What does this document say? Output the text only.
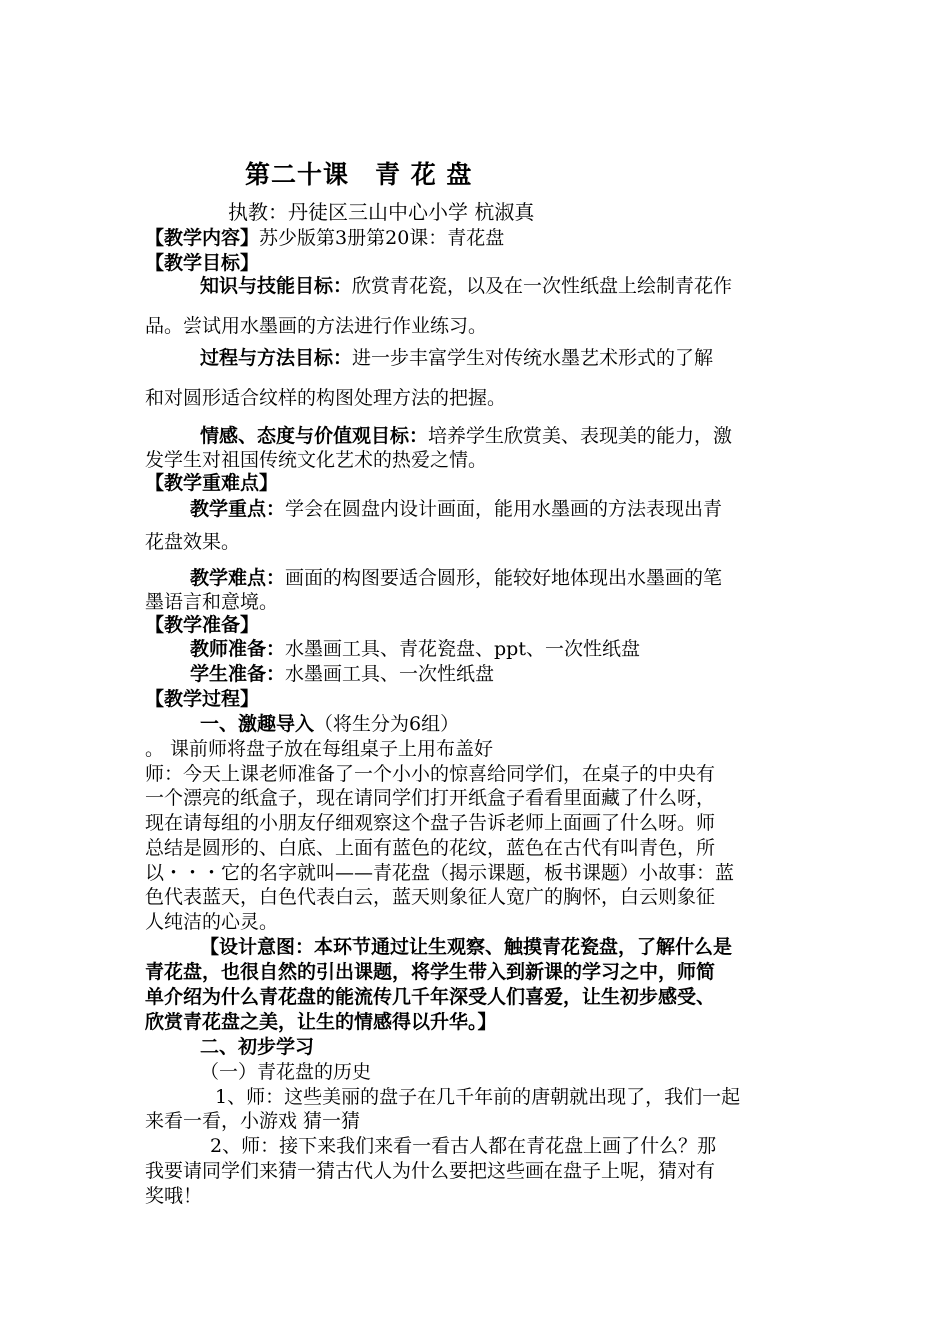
第二十课 青 花 盘
执教：丹徒区三山中心小学 杭淑真
【教学内容】苏少版第3册第20课：青花盘
【教学目标】
知识与技能目标：欣赏青花瓷，以及在一次性纸盘上绘制青花作
品。尝试用水墨画的方法进行作业练习。
过程与方法目标：进一步丰富学生对传统水墨艺术形式的了解
和对圆形适合纹样的构图处理方法的把握。
情感、态度与价值观目标：培养学生欣赏美、表现美的能力，激
发学生对祖国传统文化艺术的热爱之情。
【教学重难点】
教学重点：学会在圆盘内设计画面，能用水墨画的方法表现出青
花盘效果。
教学难点：画面的构图要适合圆形，能较好地体现出水墨画的笔
墨语言和意境。
【教学准备】
教师准备：水墨画工具、青花瓷盘、ppt、一次性纸盘
学生准备：水墨画工具、一次性纸盘
【教学过程】
一、激趣导入（将生分为6组）
。 课前师将盘子放在每组桌子上用布盖好
师：今天上课老师准备了一个小小的惊喜给同学们，在桌子的中央有
一个漂亮的纸盒子，现在请同学们打开纸盒子看看里面藏了什么呀，
现在请每组的小朋友仔细观察这个盘子告诉老师上面画了什么呀。师
总结是圆形的、白底、上面有蓝色的花纹，蓝色在古代有叫青色，所
以・・・它的名字就叫——青花盘（揭示课题，板书课题）小故事：蓝
色代表蓝天，白色代表白云，蓝天则象征人宽广的胸怀，白云则象征
人纯洁的心灵。
【设计意图：本环节通过让生观察、触摸青花瓷盘，了解什么是
青花盘，也很自然的引出课题，将学生带入到新课的学习之中，师简
单介绍为什么青花盘的能流传几千年深受人们喜爱，让生初步感受、
欣赏青花盘之美，让生的情感得以升华。】
二、初步学习
（一）青花盘的历史
1、师：这些美丽的盘子在几千年前的唐朝就出现了，我们一起
来看一看，小游戏 猜一猜
2、师：接下来我们来看一看古人都在青花盘上画了什么？那
我要请同学们来猜一猜古代人为什么要把这些画在盘子上呢，猜对有
奖哦！
